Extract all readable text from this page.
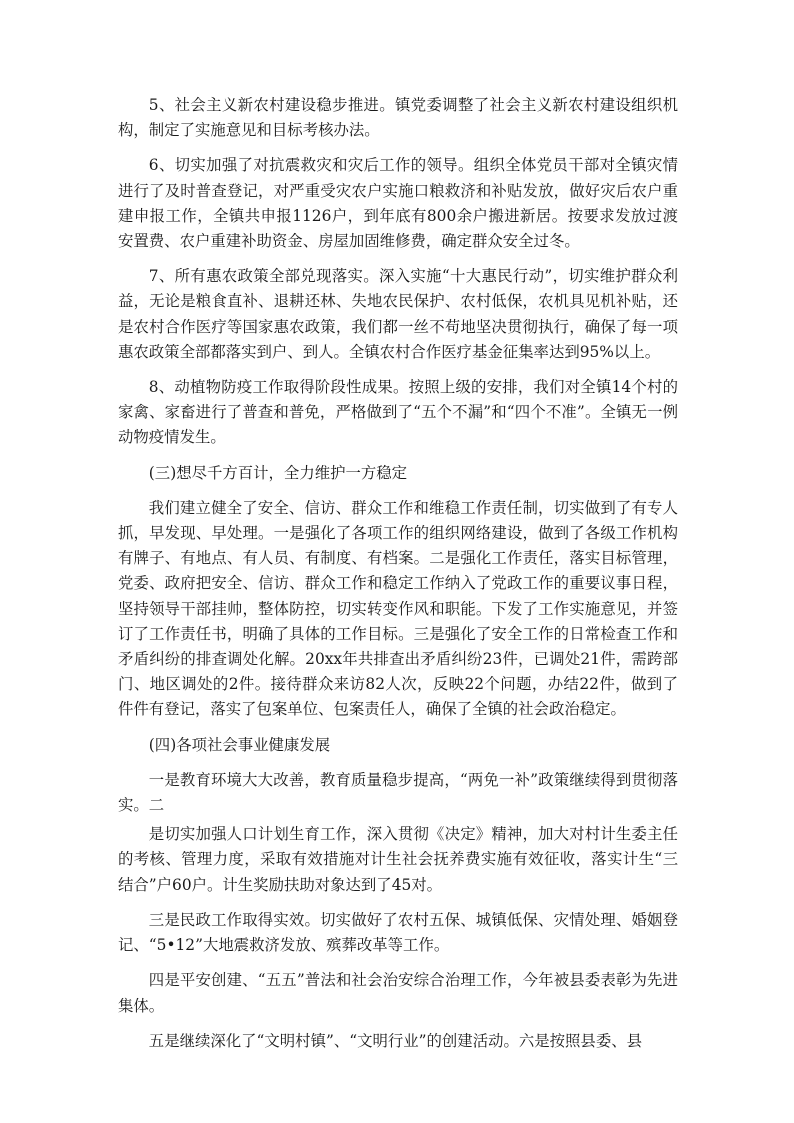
5、社会主义新农村建设稳步推进。镇党委调整了社会主义新农村建设组织机构，制定了实施意见和目标考核办法。

6、切实加强了对抗震救灾和灾后工作的领导。组织全体党员干部对全镇灾情进行了及时普查登记，对严重受灾农户实施口粮救济和补贴发放，做好灾后农户重建申报工作，全镇共申报1126户，到年底有800余户搬进新居。按要求发放过渡安置费、农户重建补助资金、房屋加固维修费，确定群众安全过冬。

7、所有惠农政策全部兑现落实。深入实施“十大惠民行动”，切实维护群众利益，无论是粮食直补、退耕还林、失地农民保护、农村低保，农机具见机补贴，还是农村合作医疗等国家惠农政策，我们都一丝不苟地坚决贯彻执行，确保了每一项惠农政策全部都落实到户、到人。全镇农村合作医疗基金征集率达到95%以上。

8、动植物防疫工作取得阶段性成果。按照上级的安排，我们对全镇14个村的家禽、家畜进行了普查和普免，严格做到了“五个不漏”和“四个不准”。全镇无一例动物疫情发生。

(三)想尽千方百计，全力维护一方稳定

我们建立健全了安全、信访、群众工作和维稳工作责任制，切实做到了有专人抓，早发现、早处理。一是强化了各项工作的组织网络建设，做到了各级工作机构有牌子、有地点、有人员、有制度、有档案。二是强化工作责任，落实目标管理，党委、政府把安全、信访、群众工作和稳定工作纳入了党政工作的重要议事日程，坚持领导干部挂帅，整体防控，切实转变作风和职能。下发了工作实施意见，并签订了工作责任书，明确了具体的工作目标。三是强化了安全工作的日常检查工作和矛盾纠纷的排查调处化解。20xx年共排查出矛盾纠纷23件，已调处21件，需跨部门、地区调处的2件。接待群众来访82人次，反映22个问题，办结22件，做到了件件有登记，落实了包案单位、包案责任人，确保了全镇的社会政治稳定。

(四)各项社会事业健康发展

一是教育环境大大改善，教育质量稳步提高，“两免一补”政策继续得到贯彻落实。二

是切实加强人口计划生育工作，深入贯彻《决定》精神，加大对村计生委主任的考核、管理力度，采取有效措施对计生社会抚养费实施有效征收，落实计生“三结合”户60户。计生奖励扶助对象达到了45对。

三是民政工作取得实效。切实做好了农村五保、城镇低保、灾情处理、婚姻登记、“5•12”大地震救济发放、殡葬改革等工作。

四是平安创建、“五五”普法和社会治安综合治理工作，今年被县委表彰为先进集体。

五是继续深化了“文明村镇”、“文明行业”的创建活动。六是按照县委、县
